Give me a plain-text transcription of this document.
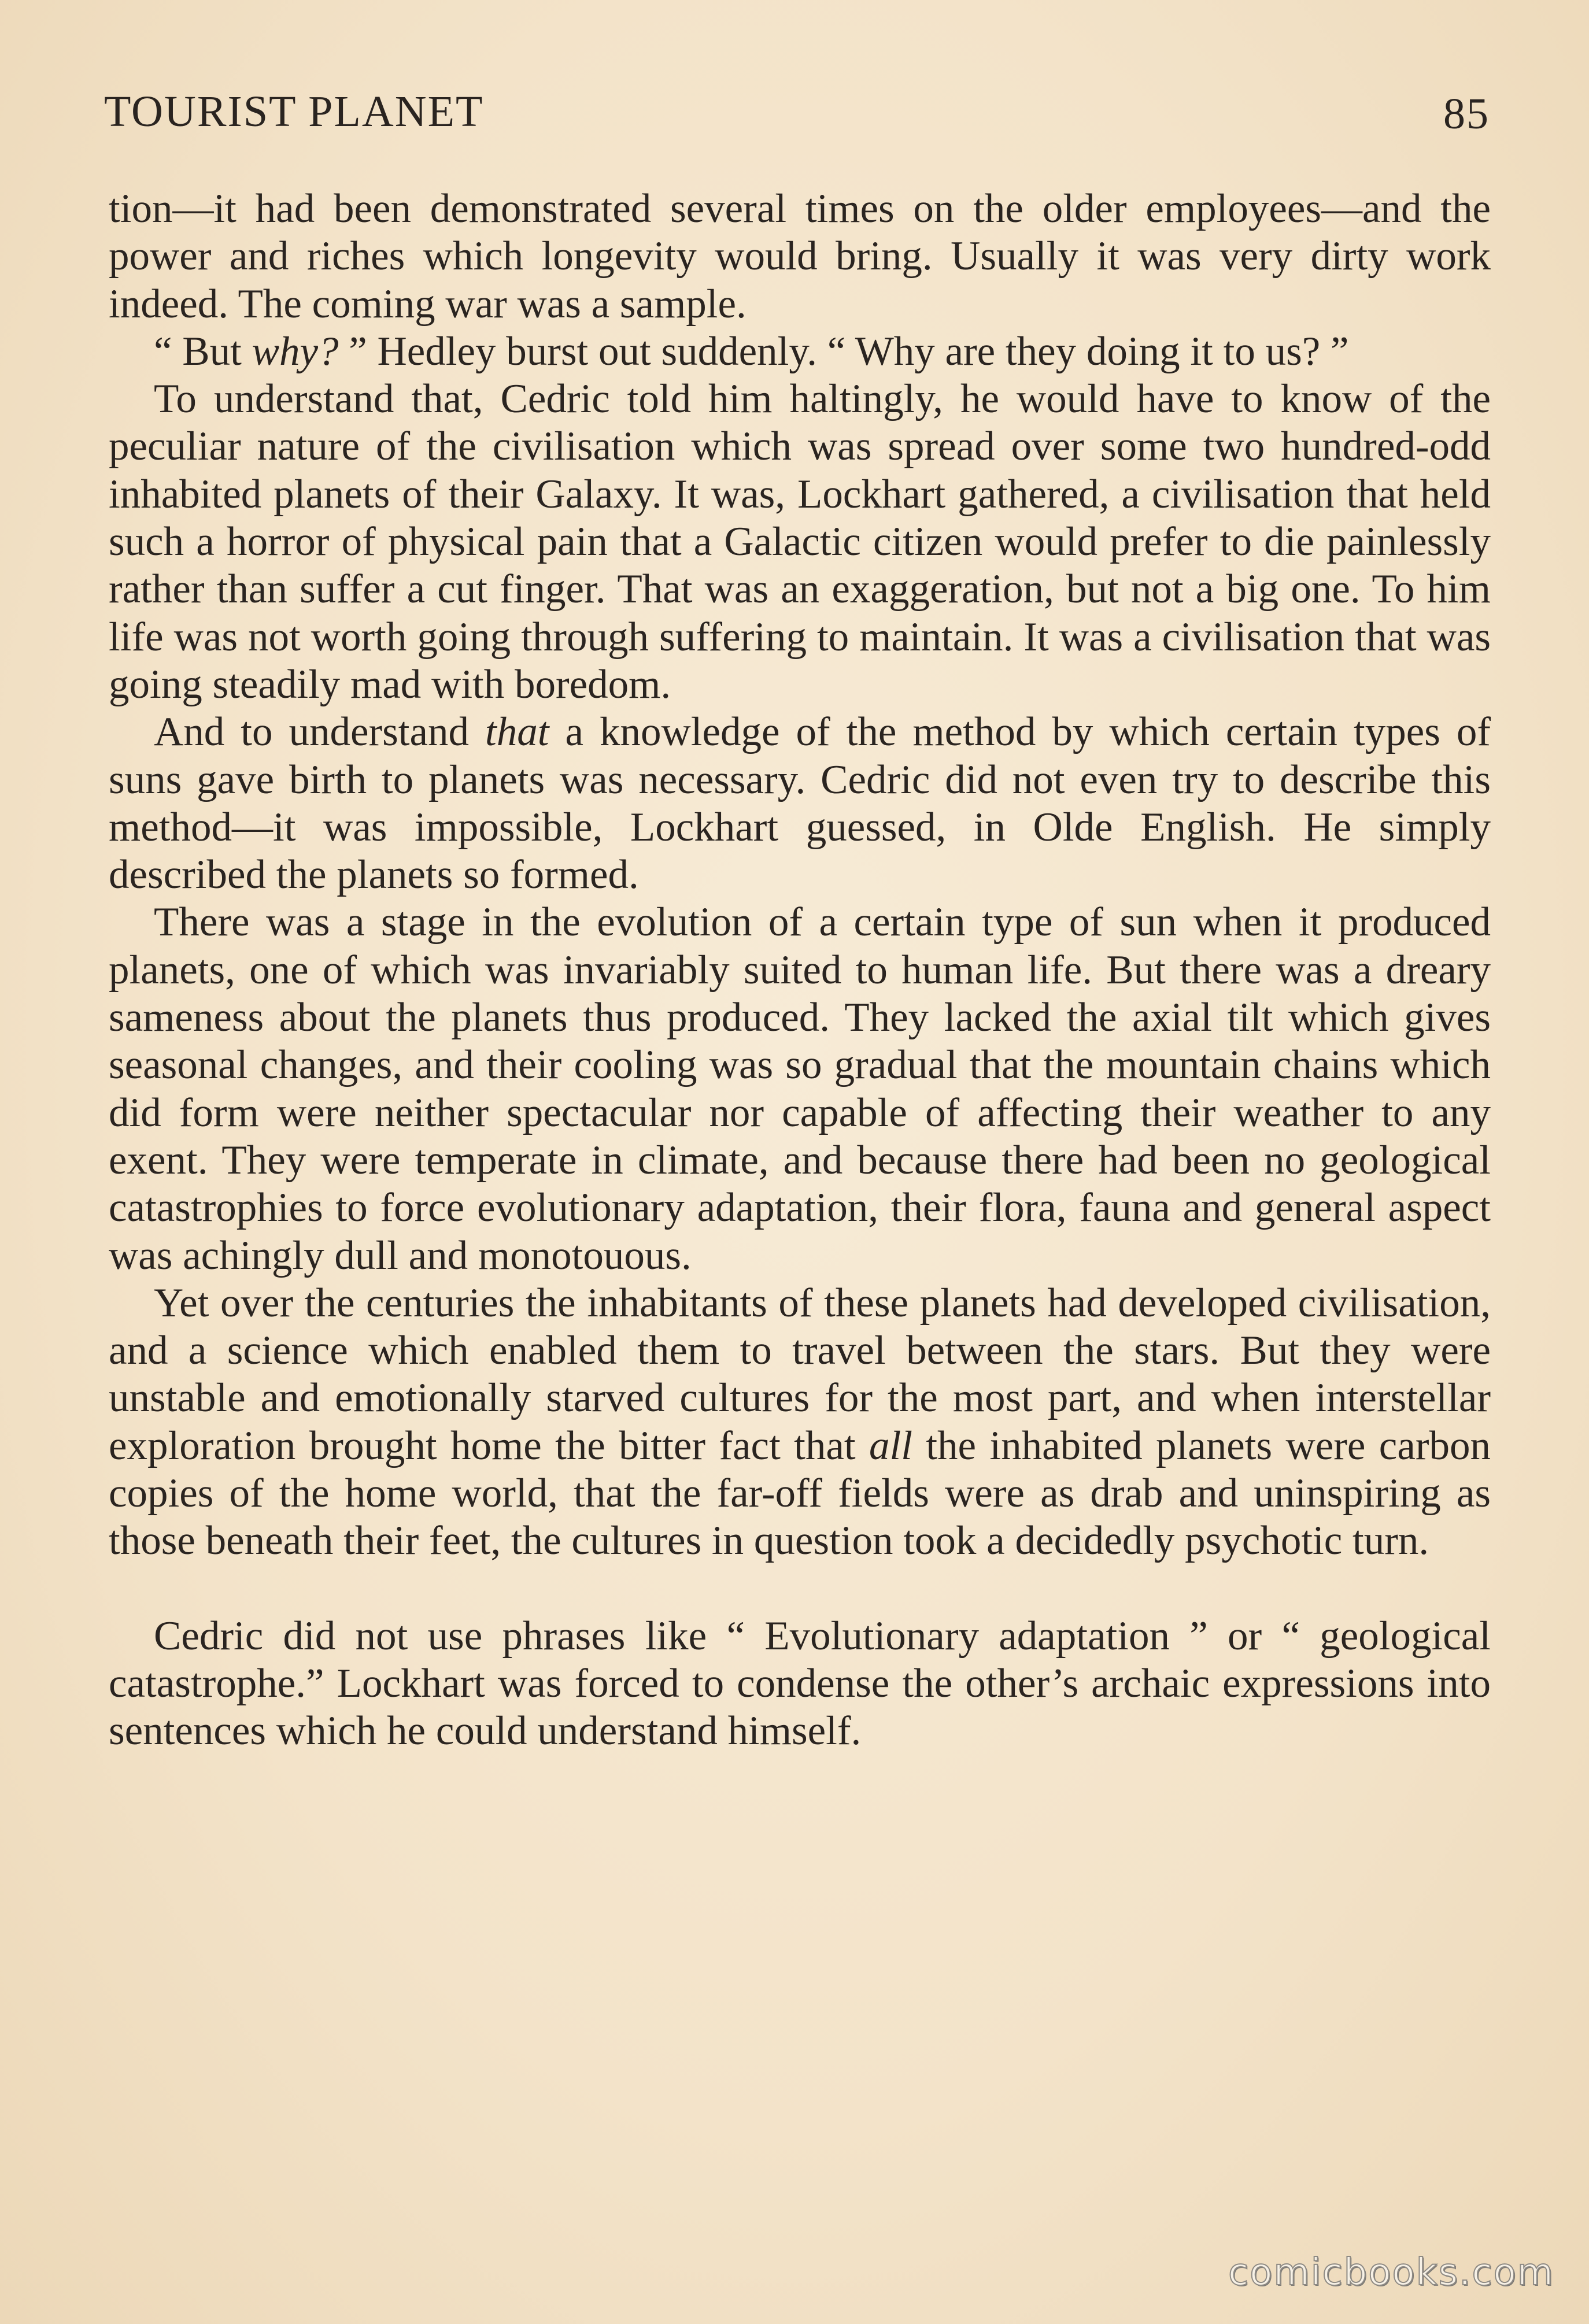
TOURIST PLANET	85

tion—it had been demonstrated several times on the older employees—and the power and riches which longevity would bring. Usually it was very dirty work indeed. The coming war was a sample.

“ But why? ” Hedley burst out suddenly. “ Why are they doing it to us? ”

To understand that, Cedric told him haltingly, he would have to know of the peculiar nature of the civilisation which was spread over some two hundred-odd inhabited planets of their Galaxy. It was, Lockhart gathered, a civilisation that held such a horror of physical pain that a Galactic citizen would prefer to die painlessly rather than suffer a cut finger. That was an exaggeration, but not a big one. To him life was not worth going through suffering to maintain. It was a civilisation that was going steadily mad with boredom.

And to understand that a knowledge of the method by which certain types of suns gave birth to planets was necessary. Cedric did not even try to describe this method—it was impossible, Lockhart guessed, in Olde English. He simply described the planets so formed.

There was a stage in the evolution of a certain type of sun when it produced planets, one of which was invariably suited to human life. But there was a dreary sameness about the planets thus produced. They lacked the axial tilt which gives seasonal changes, and their cooling was so gradual that the mountain chains which did form were neither spectacular nor capable of affecting their weather to any exent. They were temperate in climate, and because there had been no geological catastrophies to force evolutionary adaptation, their flora, fauna and general aspect was achingly dull and monotouous.

Yet over the centuries the inhabitants of these planets had developed civilisation, and a science which enabled them to travel between the stars. But they were unstable and emotionally starved cultures for the most part, and when interstellar exploration brought home the bitter fact that all the inhabited planets were carbon copies of the home world, that the far-off fields were as drab and uninspiring as those beneath their feet, the cultures in question took a decidedly psychotic turn.

Cedric did not use phrases like “ Evolutionary adaptation ” or “ geological catastrophe.” Lockhart was forced to condense the other’s archaic expressions into sentences which he could understand himself.

comicbooks.com
